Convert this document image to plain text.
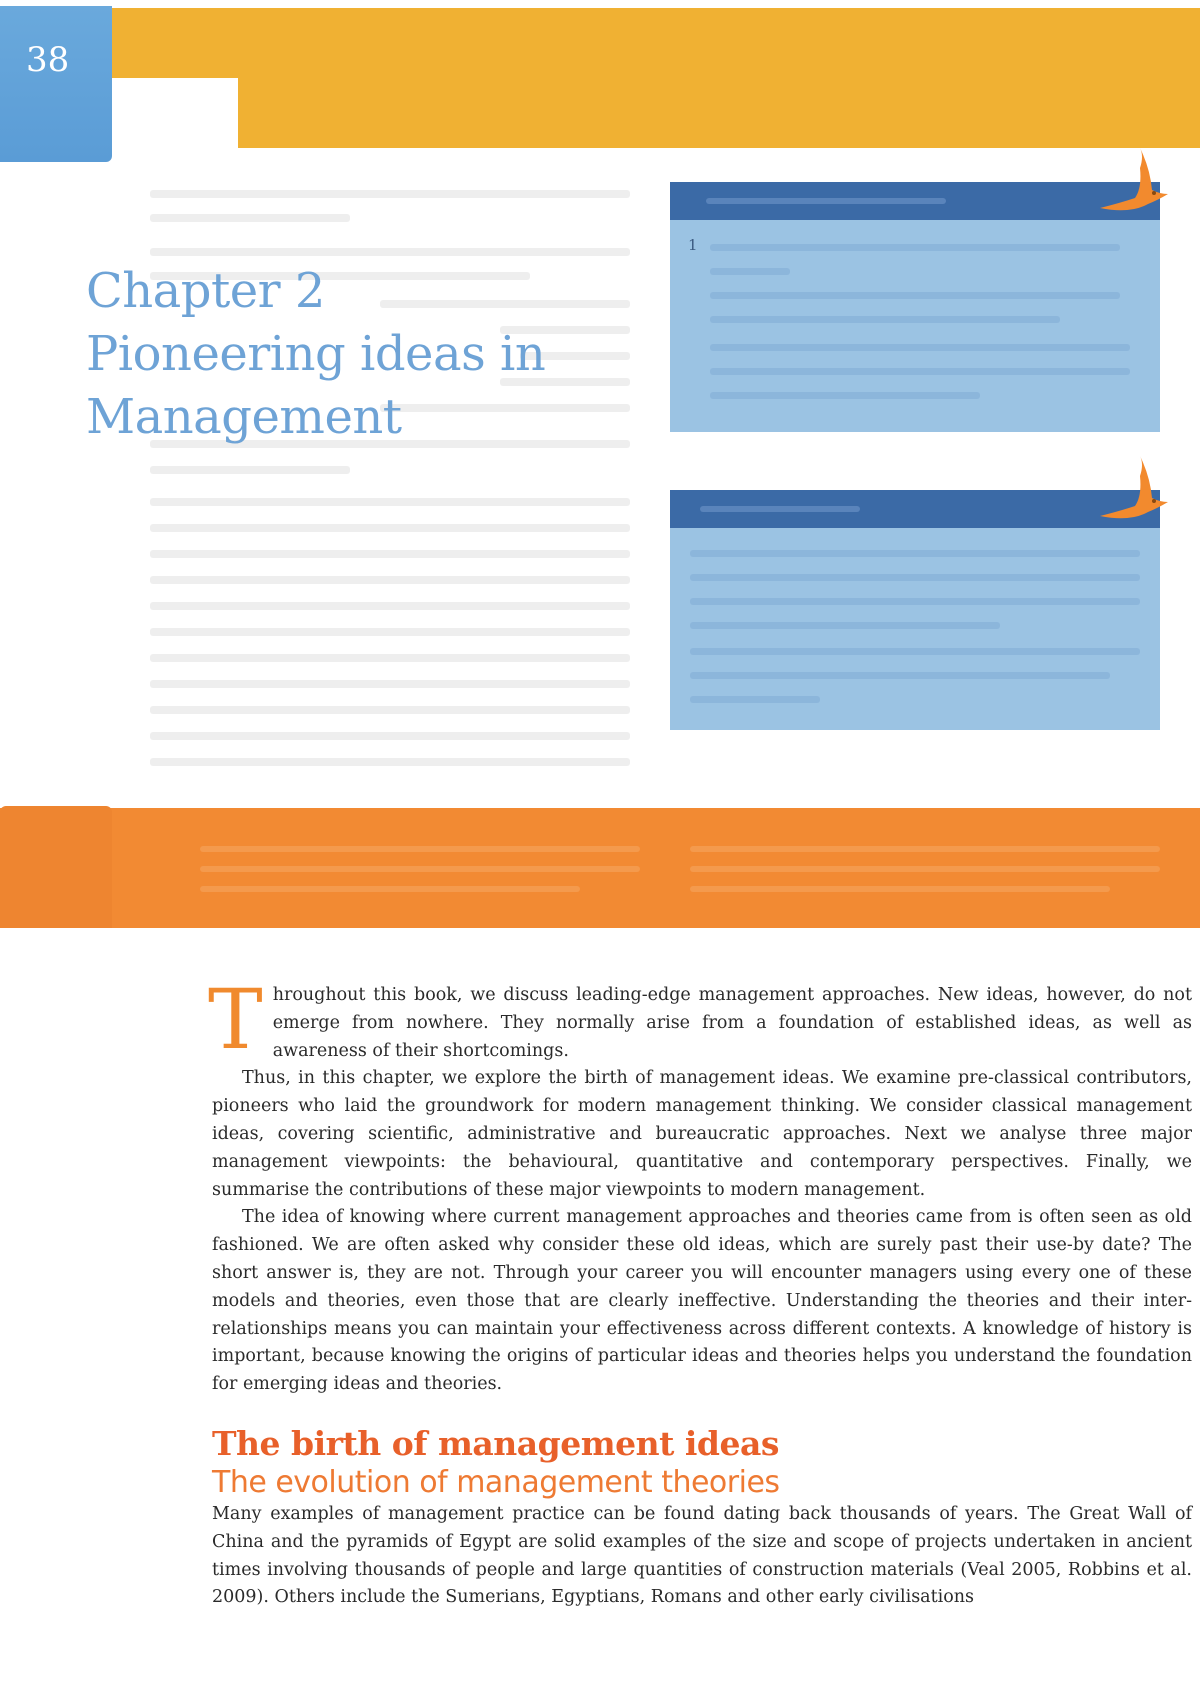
38
Chapter 2
Pioneering ideas in
Management
1

T hroughout this book, we discuss leading-edge management approaches. New ideas, however, do not emerge from nowhere. They normally arise from a foundation of established ideas, as well as awareness of their shortcomings.

Thus, in this chapter, we explore the birth of management ideas. We examine pre-classical contributors, pioneers who laid the groundwork for modern management thinking. We consider classical management ideas, covering scientific, administrative and bureaucratic approaches. Next we analyse three major management viewpoints: the behavioural, quantitative and contemporary perspectives. Finally, we summarise the contributions of these major viewpoints to modern management.

The idea of knowing where current management approaches and theories came from is often seen as old fashioned. We are often asked why consider these old ideas, which are surely past their use-by date? The short answer is, they are not. Through your career you will encounter managers using every one of these models and theories, even those that are clearly ineffective. Understanding the theories and their inter-relationships means you can maintain your effectiveness across different contexts. A knowledge of history is important, because knowing the origins of particular ideas and theories helps you understand the foundation for emerging ideas and theories.

The birth of management ideas
The evolution of management theories

Many examples of management practice can be found dating back thousands of years. The Great Wall of China and the pyramids of Egypt are solid examples of the size and scope of projects undertaken in ancient times involving thousands of people and large quantities of construction materials (Veal 2005, Robbins et al. 2009). Others include the Sumerians, Egyptians, Romans and other early civilisations
